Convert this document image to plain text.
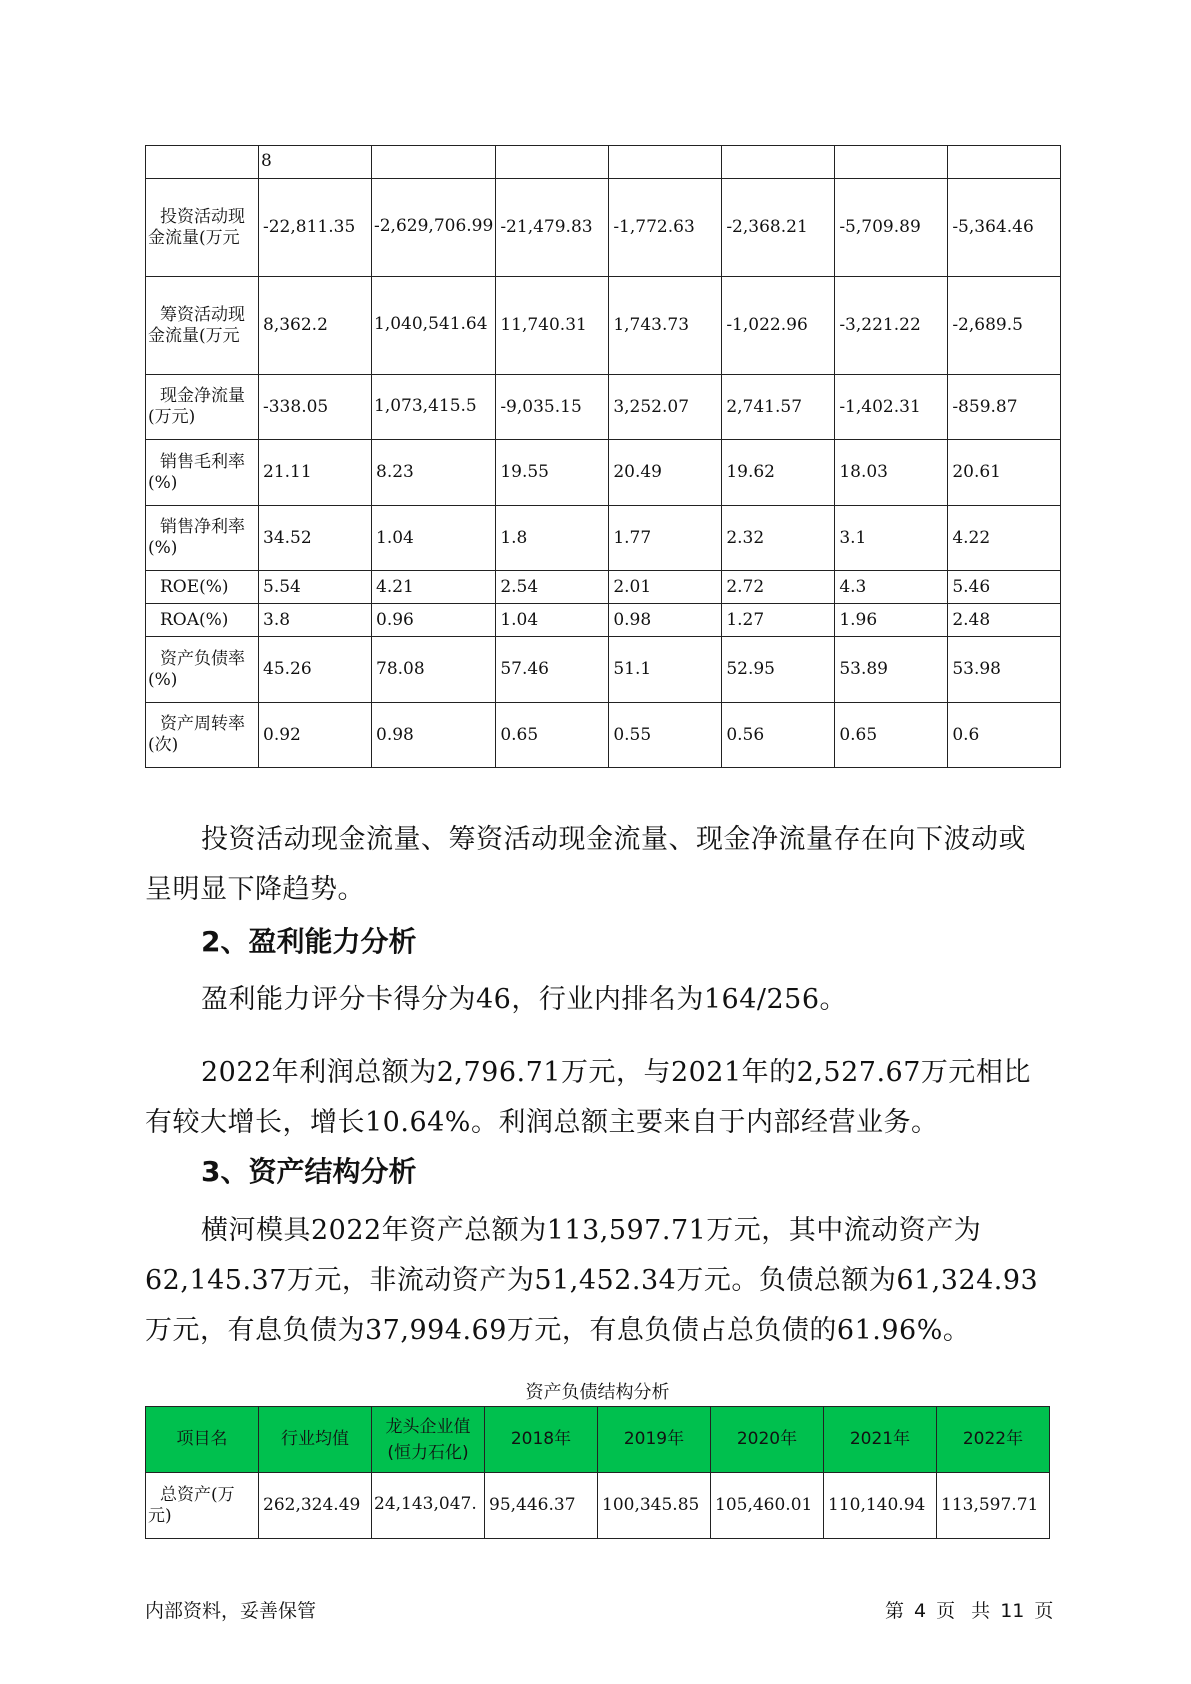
	8						

投资活动现
金流量(万元	-22,811.35	-2,629,706.99	-21,479.83	-1,772.63	-2,368.21	-5,709.89	-5,364.46

筹资活动现
金流量(万元	8,362.2	1,040,541.64	11,740.31	1,743.73	-1,022.96	-3,221.22	-2,689.5

现金净流量
(万元)	-338.05	1,073,415.5	-9,035.15	3,252.07	2,741.57	-1,402.31	-859.87

销售毛利率
(%)	21.11	8.23	19.55	20.49	19.62	18.03	20.61

销售净利率
(%)	34.52	1.04	1.8	1.77	2.32	3.1	4.22

ROE(%)	5.54	4.21	2.54	2.01	2.72	4.3	5.46

ROA(%)	3.8	0.96	1.04	0.98	1.27	1.96	2.48

资产负债率
(%)	45.26	78.08	57.46	51.1	52.95	53.89	53.98

资产周转率
(次)	0.92	0.98	0.65	0.55	0.56	0.65	0.6
投资活动现金流量、筹资活动现金流量、现金净流量存在向下波动或呈明显下降趋势。
2、盈利能力分析
盈利能力评分卡得分为46，行业内排名为164/256。
2022年利润总额为2,796.71万元，与2021年的2,527.67万元相比有较大增长，增长10.64%。利润总额主要来自于内部经营业务。
3、资产结构分析
横河模具2022年资产总额为113,597.71万元，其中流动资产为62,145.37万元，非流动资产为51,452.34万元。负债总额为61,324.93万元，有息负债为37,994.69万元，有息负债占总负债的61.96%。
资产负债结构分析
项目名	行业均值	龙头企业值
(恒力石化)	2018年	2019年	2020年	2021年	2022年

总资产(万
元)	262,324.49	24,143,047.	95,446.37	100,345.85	105,460.01	110,140.94	113,597.71
内部资料，妥善保管	第 4 页 共 11 页
